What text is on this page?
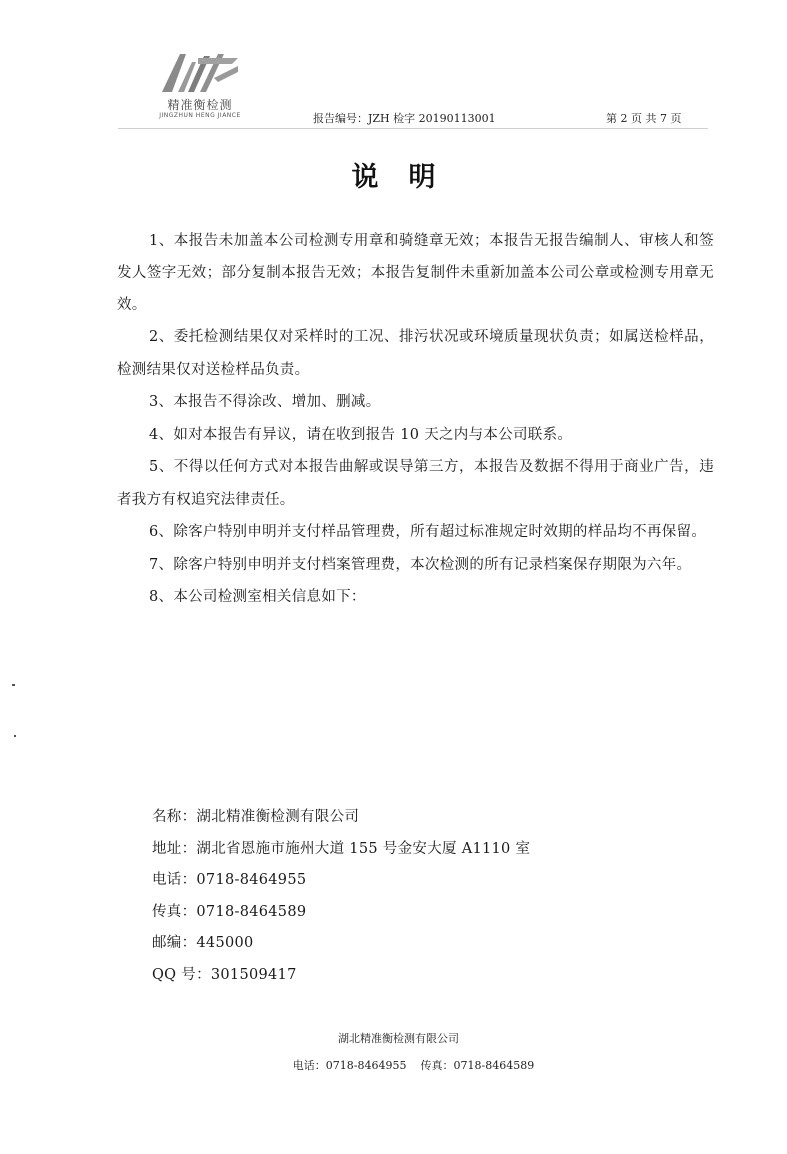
精准衡检测
JINGZHUN HENG JIANCE	报告编号：JZH 检字 20190113001	第 2 页 共 7 页
说明

1、本报告未加盖本公司检测专用章和骑缝章无效；本报告无报告编制人、审核人和签发人签字无效；部分复制本报告无效；本报告复制件未重新加盖本公司公章或检测专用章无效。

2、委托检测结果仅对采样时的工况、排污状况或环境质量现状负责；如属送检样品，检测结果仅对送检样品负责。

3、本报告不得涂改、增加、删减。

4、如对本报告有异议，请在收到报告 10 天之内与本公司联系。

5、不得以任何方式对本报告曲解或误导第三方，本报告及数据不得用于商业广告，违者我方有权追究法律责任。

6、除客户特别申明并支付样品管理费，所有超过标准规定时效期的样品均不再保留。

7、除客户特别申明并支付档案管理费，本次检测的所有记录档案保存期限为六年。

8、本公司检测室相关信息如下：

名称：湖北精准衡检测有限公司
地址：湖北省恩施市施州大道 155 号金安大厦 A1110 室
电话：0718-8464955
传真：0718-8464589
邮编：445000
QQ 号：301509417
湖北精准衡检测有限公司
电话：0718-8464955 传真：0718-8464589
